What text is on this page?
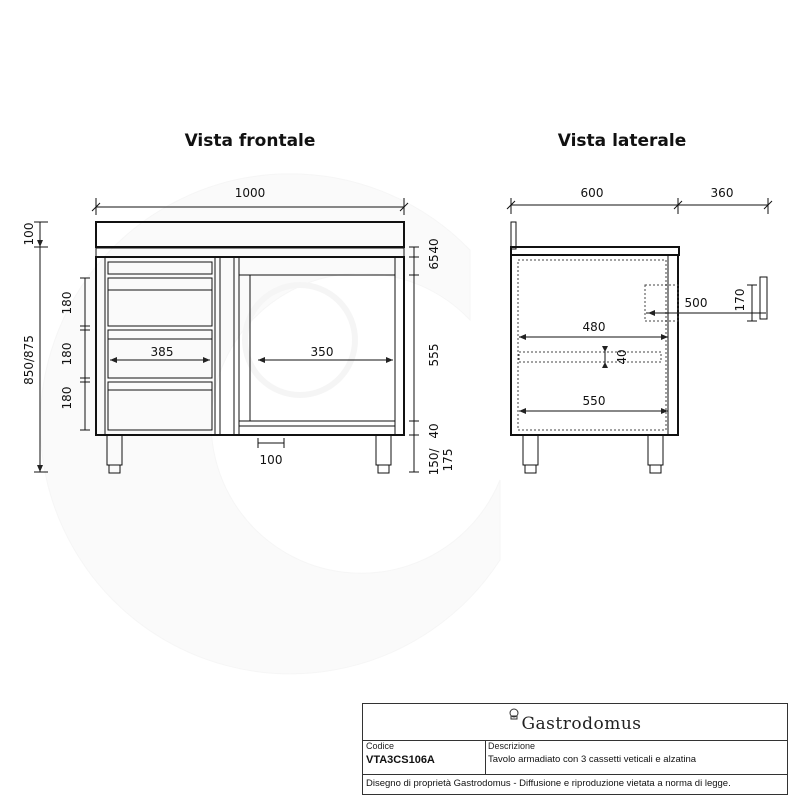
Vista frontale	Vista laterale
1000
385	350
100
100
850/875
180
180
180
65
40
555
40
150/ 175
600	360
500 170
480
40
550
Gastrodomus
Codice
VTA3CS106A
Descrizione
Tavolo armadiato con 3 cassetti veticali e alzatina
Disegno di proprietà Gastrodomus - Diffusione e riproduzione vietata a norma di legge.
